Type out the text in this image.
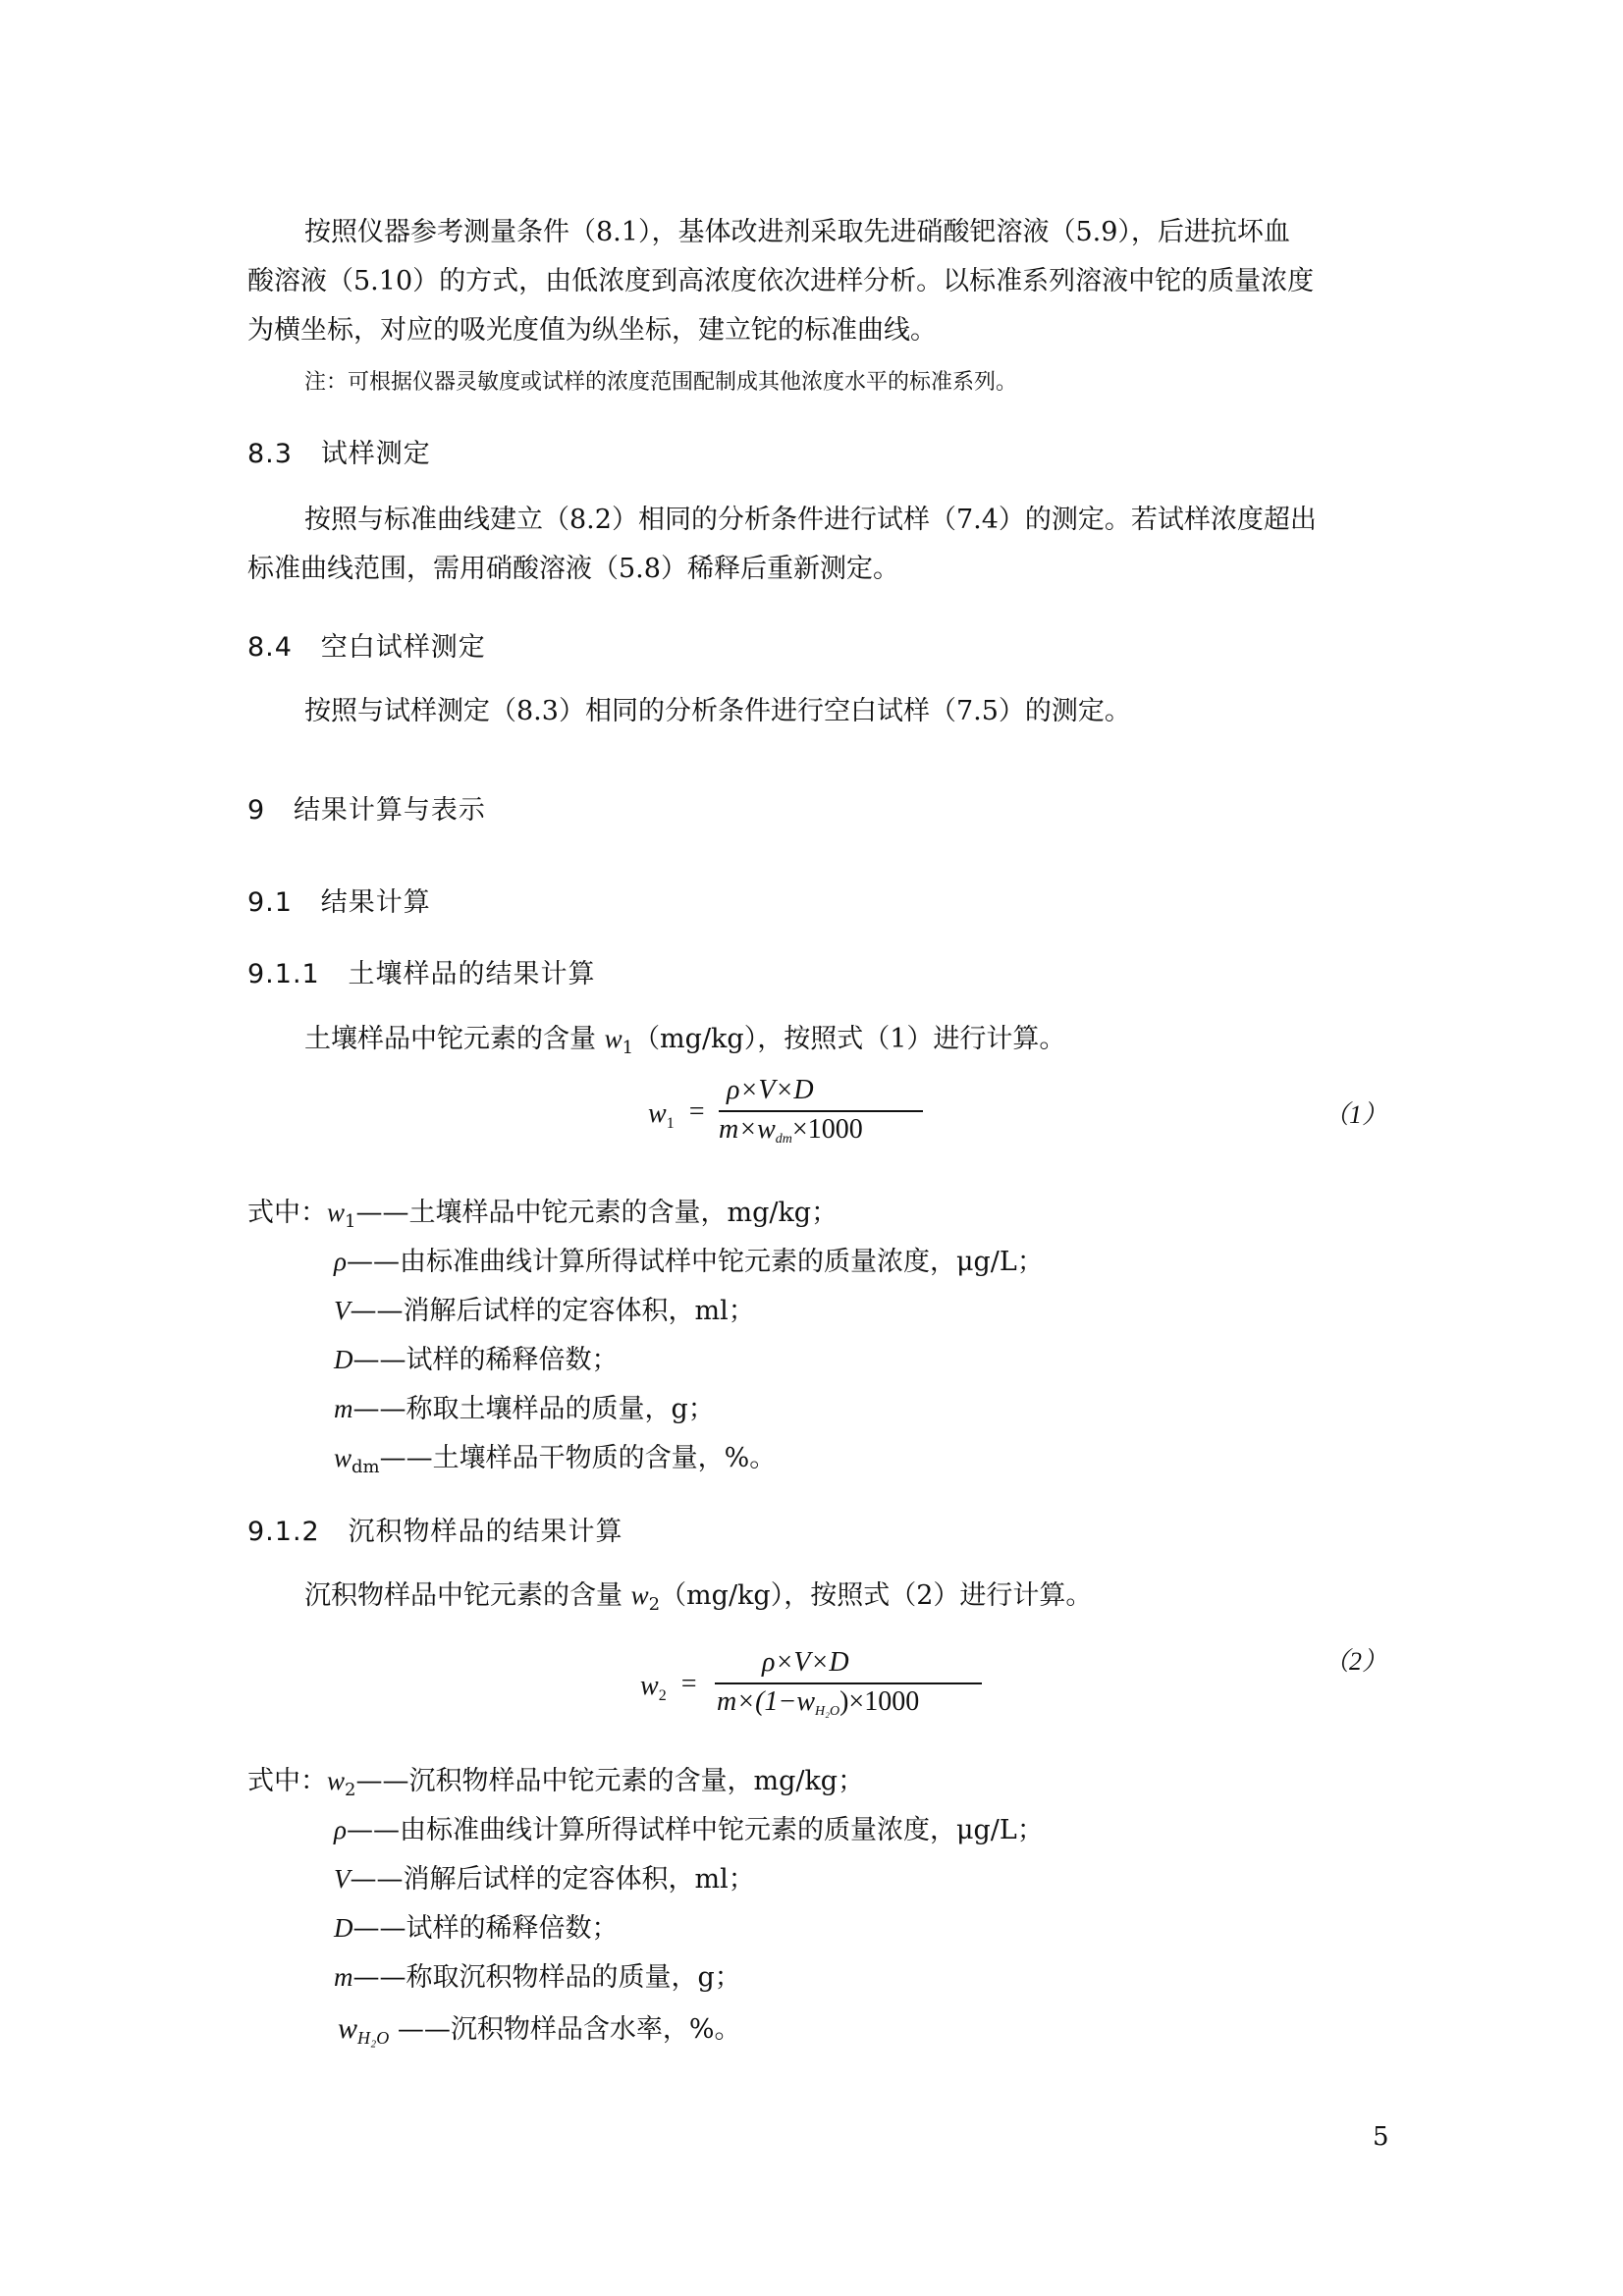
按照仪器参考测量条件（8.1），基体改进剂采取先进硝酸钯溶液（5.9），后进抗坏血
酸溶液（5.10）的方式，由低浓度到高浓度依次进样分析。以标准系列溶液中铊的质量浓度
为横坐标，对应的吸光度值为纵坐标，建立铊的标准曲线。
注：可根据仪器灵敏度或试样的浓度范围配制成其他浓度水平的标准系列。
8.3 试样测定
按照与标准曲线建立（8.2）相同的分析条件进行试样（7.4）的测定。若试样浓度超出
标准曲线范围，需用硝酸溶液（5.8）稀释后重新测定。
8.4 空白试样测定
按照与试样测定（8.3）相同的分析条件进行空白试样（7.5）的测定。
9 结果计算与表示
9.1 结果计算
9.1.1 土壤样品的结果计算
土壤样品中铊元素的含量 $w_1(mg/kg)$，按照式（1）进行计算。
$w_1$ =
ρ×V×D
m×wdm×1000	（1）
式中：$w_1——$土壤样品中铊元素的含量，mg/kg；
ρ——由标准曲线计算所得试样中铊元素的质量浓度，μg/L；
V——消解后试样的定容体积，ml；
D——试样的稀释倍数；
m——称取土壤样品的质量，g；
$w_{dm}——$土壤样品干物质的含量，%。
9.1.2 沉积物样品的结果计算
沉积物样品中铊元素的含量 $w_2(mg/kg)$，按照式（2）进行计算。
$w_2$ =
ρ×V×D
m×(1−wH₂O)×1000
（2）
式中：$w_2——$沉积物样品中铊元素的含量，mg/kg；
ρ——由标准曲线计算所得试样中铊元素的质量浓度，μg/L；
V——消解后试样的定容体积，ml；
D——试样的稀释倍数；
m——称取沉积物样品的质量，g；
$w_{H_2O}$ ——沉积物样品含水率，%。
5
